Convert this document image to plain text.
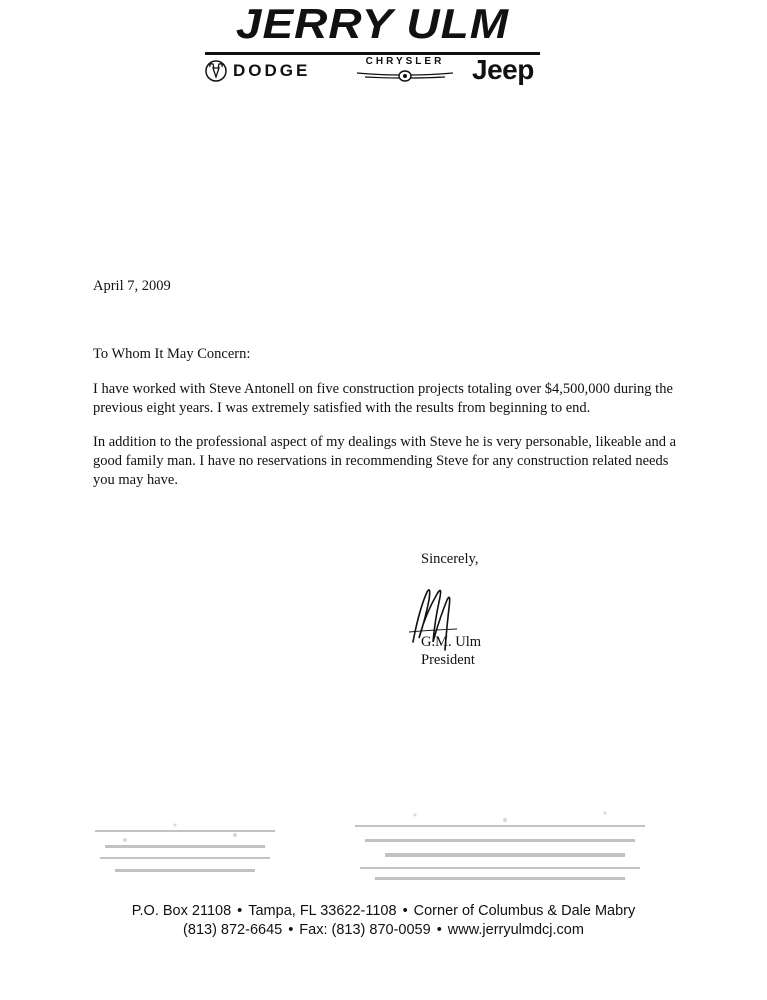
JERRY ULM
DODGE	CHRYSLER Jeep
April 7, 2009
To Whom It May Concern:

I have worked with Steve Antonell on five construction projects totaling over $4,500,000 during the previous eight years. I was extremely satisfied with the results from beginning to end.

In addition to the professional aspect of my dealings with Steve he is very personable, likeable and a good family man. I have no reservations in recommending Steve for any construction related needs you may have.

Sincerely,
G.M. Ulm
President
P.O. Box 21108 • Tampa, FL 33622-1108 • Corner of Columbus & Dale Mabry
(813) 872-6645 • Fax: (813) 870-0059 • www.jerryulmdcj.com
